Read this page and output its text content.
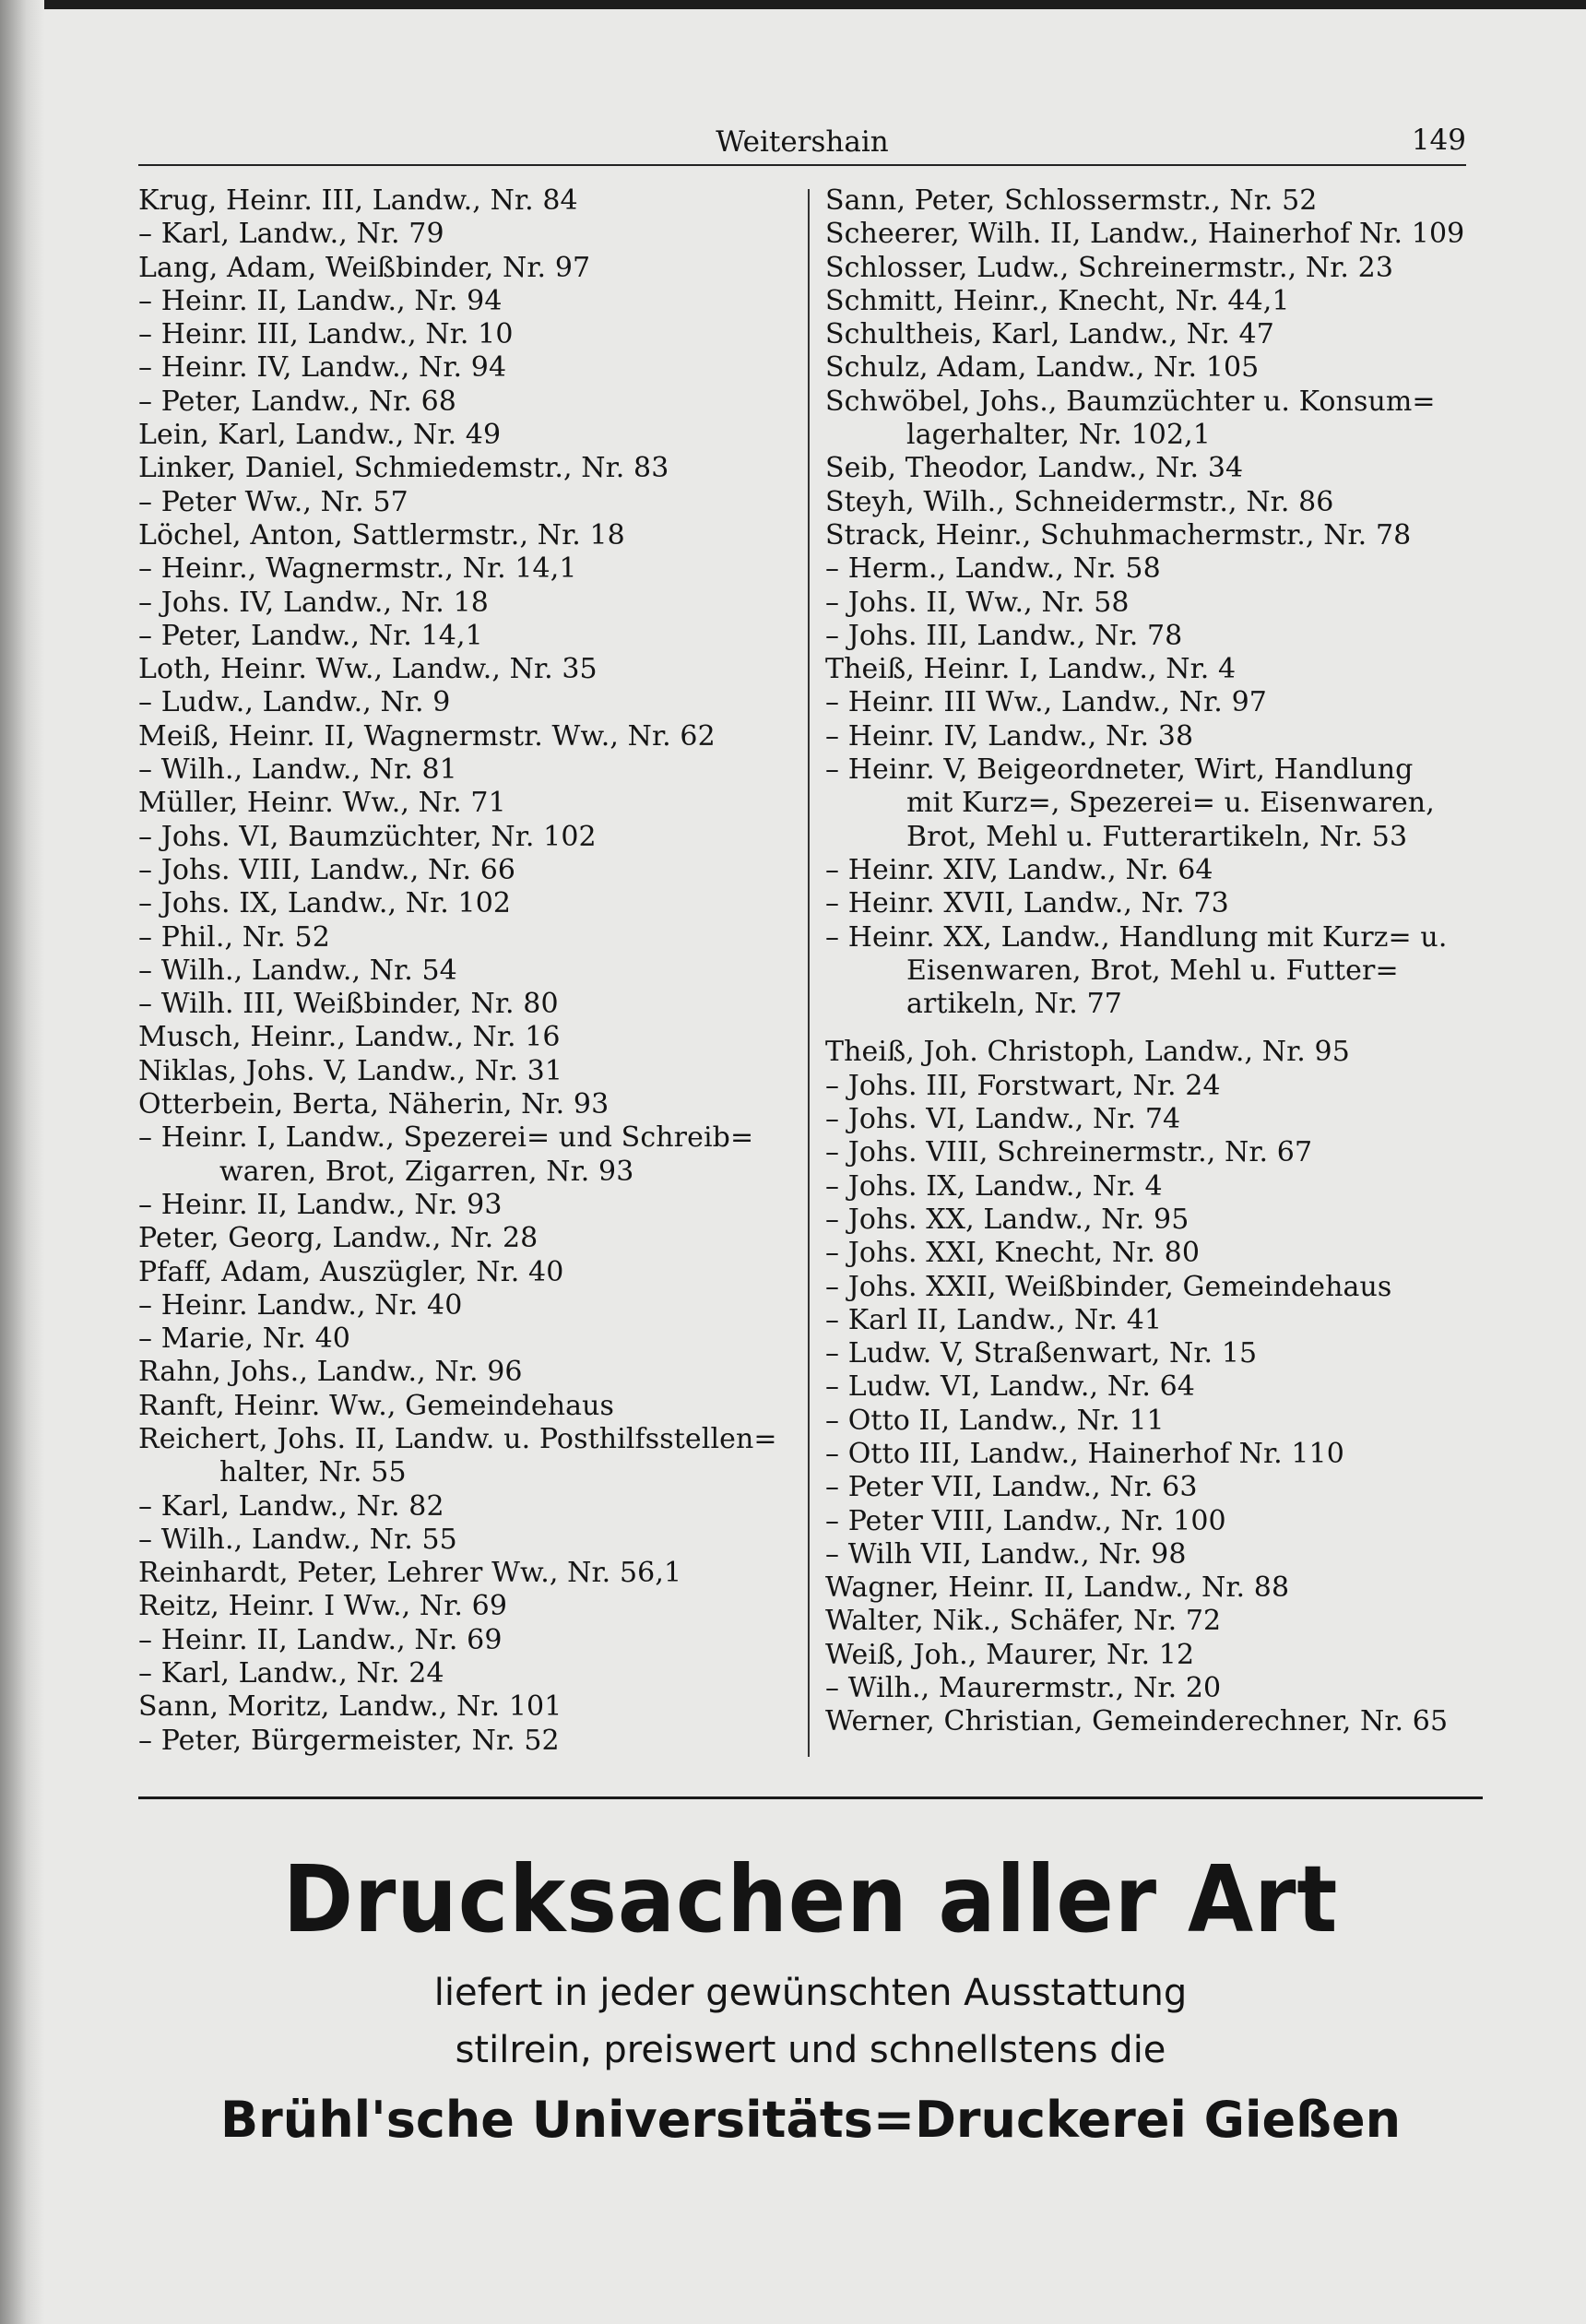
Weitershain	149
Krug, Heinr. III, Landw., Nr. 84
– Karl, Landw., Nr. 79
Lang, Adam, Weißbinder, Nr. 97
– Heinr. II, Landw., Nr. 94
– Heinr. III, Landw., Nr. 10
– Heinr. IV, Landw., Nr. 94
– Peter, Landw., Nr. 68
Lein, Karl, Landw., Nr. 49
Linker, Daniel, Schmiedemstr., Nr. 83
– Peter Ww., Nr. 57
Löchel, Anton, Sattlermstr., Nr. 18
– Heinr., Wagnermstr., Nr. 14,1
– Johs. IV, Landw., Nr. 18
– Peter, Landw., Nr. 14,1
Loth, Heinr. Ww., Landw., Nr. 35
– Ludw., Landw., Nr. 9
Meiß, Heinr. II, Wagnermstr. Ww., Nr. 62
– Wilh., Landw., Nr. 81
Müller, Heinr. Ww., Nr. 71
– Johs. VI, Baumzüchter, Nr. 102
– Johs. VIII, Landw., Nr. 66
– Johs. IX, Landw., Nr. 102
– Phil., Nr. 52
– Wilh., Landw., Nr. 54
– Wilh. III, Weißbinder, Nr. 80
Musch, Heinr., Landw., Nr. 16
Niklas, Johs. V, Landw., Nr. 31
Otterbein, Berta, Näherin, Nr. 93
– Heinr. I, Landw., Spezerei= und Schreib=
waren, Brot, Zigarren, Nr. 93
– Heinr. II, Landw., Nr. 93
Peter, Georg, Landw., Nr. 28
Pfaff, Adam, Auszügler, Nr. 40
– Heinr. Landw., Nr. 40
– Marie, Nr. 40
Rahn, Johs., Landw., Nr. 96
Ranft, Heinr. Ww., Gemeindehaus
Reichert, Johs. II, Landw. u. Posthilfsstellen=
halter, Nr. 55
– Karl, Landw., Nr. 82
– Wilh., Landw., Nr. 55
Reinhardt, Peter, Lehrer Ww., Nr. 56,1
Reitz, Heinr. I Ww., Nr. 69
– Heinr. II, Landw., Nr. 69
– Karl, Landw., Nr. 24
Sann, Moritz, Landw., Nr. 101
– Peter, Bürgermeister, Nr. 52
Sann, Peter, Schlossermstr., Nr. 52
Scheerer, Wilh. II, Landw., Hainerhof Nr. 109
Schlosser, Ludw., Schreinermstr., Nr. 23
Schmitt, Heinr., Knecht, Nr. 44,1
Schultheis, Karl, Landw., Nr. 47
Schulz, Adam, Landw., Nr. 105
Schwöbel, Johs., Baumzüchter u. Konsum=
lagerhalter, Nr. 102,1
Seib, Theodor, Landw., Nr. 34
Steyh, Wilh., Schneidermstr., Nr. 86
Strack, Heinr., Schuhmachermstr., Nr. 78
– Herm., Landw., Nr. 58
– Johs. II, Ww., Nr. 58
– Johs. III, Landw., Nr. 78
Theiß, Heinr. I, Landw., Nr. 4
– Heinr. III Ww., Landw., Nr. 97
– Heinr. IV, Landw., Nr. 38
– Heinr. V, Beigeordneter, Wirt, Handlung
mit Kurz=, Spezerei= u. Eisenwaren,
Brot, Mehl u. Futterartikeln, Nr. 53
– Heinr. XIV, Landw., Nr. 64
– Heinr. XVII, Landw., Nr. 73
– Heinr. XX, Landw., Handlung mit Kurz= u.
Eisenwaren, Brot, Mehl u. Futter=
artikeln, Nr. 77
Theiß, Joh. Christoph, Landw., Nr. 95
– Johs. III, Forstwart, Nr. 24
– Johs. VI, Landw., Nr. 74
– Johs. VIII, Schreinermstr., Nr. 67
– Johs. IX, Landw., Nr. 4
– Johs. XX, Landw., Nr. 95
– Johs. XXI, Knecht, Nr. 80
– Johs. XXII, Weißbinder, Gemeindehaus
– Karl II, Landw., Nr. 41
– Ludw. V, Straßenwart, Nr. 15
– Ludw. VI, Landw., Nr. 64
– Otto II, Landw., Nr. 11
– Otto III, Landw., Hainerhof Nr. 110
– Peter VII, Landw., Nr. 63
– Peter VIII, Landw., Nr. 100
– Wilh VII, Landw., Nr. 98
Wagner, Heinr. II, Landw., Nr. 88
Walter, Nik., Schäfer, Nr. 72
Weiß, Joh., Maurer, Nr. 12
– Wilh., Maurermstr., Nr. 20
Werner, Christian, Gemeinderechner, Nr. 65
Drucksachen aller Art
liefert in jeder gewünschten Ausstattung
stilrein, preiswert und schnellstens die
Brühl'sche Universitäts=Druckerei Gießen
